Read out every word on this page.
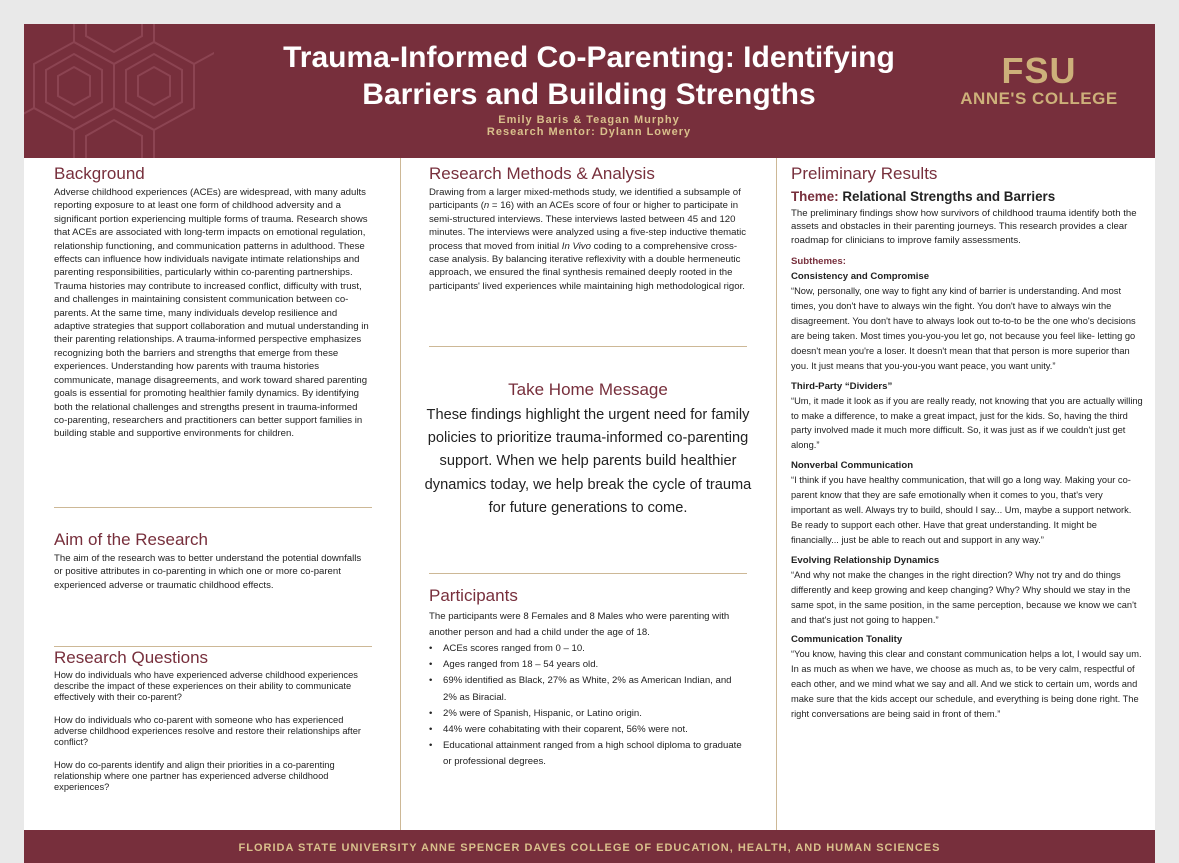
Trauma-Informed Co-Parenting: Identifying
Barriers and Building Strengths
Emily Baris & Teagan Murphy
Research Mentor: Dylann Lowery
FSU
ANNE'S COLLEGE
Background

Adverse childhood experiences (ACEs) are widespread, with many adults reporting exposure to at least one form of childhood adversity and a significant portion experiencing multiple forms of trauma. Research shows that ACEs are associated with long-term impacts on emotional regulation, relationship functioning, and communication patterns in adulthood. These effects can influence how individuals navigate intimate relationships and parenting responsibilities, particularly within co-parenting partnerships. Trauma histories may contribute to increased conflict, difficulty with trust, and challenges in maintaining consistent communication between co-parents. At the same time, many individuals develop resilience and adaptive strategies that support collaboration and mutual understanding in their parenting relationships. A trauma-informed perspective emphasizes recognizing both the barriers and strengths that emerge from these experiences. Understanding how parents with trauma histories communicate, manage disagreements, and work toward shared parenting goals is essential for promoting healthier family dynamics. By identifying both the relational challenges and strengths present in trauma-informed co-parenting, researchers and practitioners can better support families in building stable and supportive environments for children.

Aim of the Research

The aim of the research was to better understand the potential downfalls or positive attributes in co-parenting in which one or more co-parent experienced adverse or traumatic childhood effects.

Research Questions

How do individuals who have experienced adverse childhood experiences describe the impact of these experiences on their ability to communicate effectively with their co-parent?

How do individuals who co-parent with someone who has experienced adverse childhood experiences resolve and restore their relationships after conflict?

How do co-parents identify and align their priorities in a co-parenting relationship where one partner has experienced adverse childhood experiences?

Research Methods & Analysis

Drawing from a larger mixed-methods study, we identified a subsample of participants (n = 16) with an ACEs score of four or higher to participate in semi-structured interviews. These interviews lasted between 45 and 120 minutes. The interviews were analyzed using a five-step inductive thematic process that moved from initial In Vivo coding to a comprehensive cross-case analysis. By balancing iterative reflexivity with a double hermeneutic approach, we ensured the final synthesis remained deeply rooted in the participants' lived experiences while maintaining high methodological rigor.

Take Home Message

These findings highlight the urgent need for family policies to prioritize trauma-informed co-parenting support. When we help parents build healthier dynamics today, we help break the cycle of trauma for future generations to come.

Participants

The participants were 8 Females and 8 Males who were parenting with another person and had a child under the age of 18.

• ACEs scores ranged from 0 – 10.
• Ages ranged from 18 – 54 years old.
• 69% identified as Black, 27% as White, 2% as American Indian, and 2% as Biracial.
• 2% were of Spanish, Hispanic, or Latino origin.
• 44% were cohabitating with their coparent, 56% were not.
• Educational attainment ranged from a high school diploma to graduate or professional degrees.
Preliminary Results
Theme: Relational Strengths and Barriers

The preliminary findings show how survivors of childhood trauma identify both the assets and obstacles in their parenting journeys. This research provides a clear roadmap for clinicians to improve family assessments.

Subthemes:
Consistency and Compromise

“Now, personally, one way to fight any kind of barrier is understanding. And most times, you don't have to always win the fight. You don't have to always win the disagreement. You don't have to always look out to-to-to be the one who's decisions are being taken. Most times you-you-you let go, not because you feel like- letting go doesn't mean you're a loser. It doesn't mean that that person is more superior than you. It just means that you-you-you want peace, you want unity.”

Third-Party “Dividers”

“Um, it made it look as if you are really ready, not knowing that you are actually willing to make a difference, to make a great impact, just for the kids. So, having the third party involved made it much more difficult. So, it was just as if we couldn't just get along.”

Nonverbal Communication

“I think if you have healthy communication, that will go a long way. Making your co-parent know that they are safe emotionally when it comes to you, that's very important as well. Always try to build, should I say... Um, maybe a support network. Be ready to support each other. Have that great understanding. It might be financially... just be able to reach out and support in any way.”

Evolving Relationship Dynamics

“And why not make the changes in the right direction? Why not try and do things differently and keep growing and keep changing? Why? Why should we stay in the same spot, in the same position, in the same perception, because we know we can't and that's just not going to happen.”

Communication Tonality

“You know, having this clear and constant communication helps a lot, I would say um. In as much as when we have, we choose as much as, to be very calm, respectful of each other, and we mind what we say and all. And we stick to certain um, words and make sure that the kids accept our schedule, and everything is being done right. The right conversations are being said in front of them.”

FLORIDA STATE UNIVERSITY ANNE SPENCER DAVES COLLEGE OF EDUCATION, HEALTH, AND HUMAN SCIENCES
